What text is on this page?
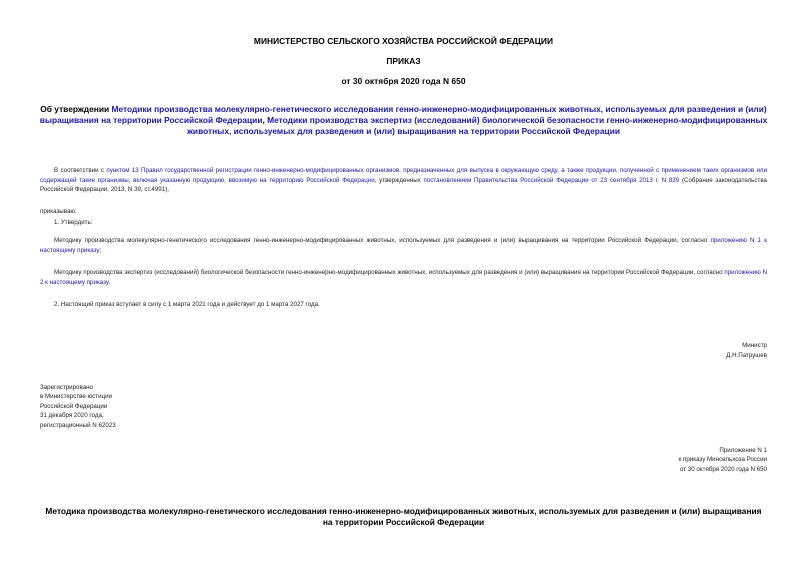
МИНИСТЕРСТВО СЕЛЬСКОГО ХОЗЯЙСТВА РОССИЙСКОЙ ФЕДЕРАЦИИ
ПРИКАЗ
от 30 октября 2020 года N 650
Об утверждении Методики производства молекулярно-генетического исследования генно-инженерно-модифицированных животных, используемых для разведения и (или) выращивания на территории Российской Федерации, Методики производства экспертиз (исследований) биологической безопасности генно-инженерно-модифицированных животных, используемых для разведения и (или) выращивания на территории Российской Федерации
В соответствии с пунктом 13 Правил государственной регистрации генно-инженерно-модифицированных организмов, предназначенных для выпуска в окружающую среду, а также продукции, полученной с применением таких организмов или содержащей такие организмы, включая указанную продукцию, ввозимую на территорию Российской Федерации, утвержденных постановлением Правительства Российской Федерации от 23 сентября 2013 г. N 839 (Собрание законодательства Российской Федерации, 2013, N 39, ст.4991),
приказываю:
1. Утвердить:
Методику производства молекулярно-генетического исследования генно-инженерно-модифицированных животных, используемых для разведения и (или) выращивания на территории Российской Федерации, согласно приложению N 1 к настоящему приказу;
Методику производства экспертиз (исследований) биологической безопасности генно-инженерно-модифицированных животных, используемых для разведения и (или) выращивания на территории Российской Федерации, согласно приложению N 2 к настоящему приказу.
2. Настоящий приказ вступает в силу с 1 марта 2021 года и действует до 1 марта 2027 года.
Министр
Д.Н.Патрушев
Зарегистрировано
в Министерстве юстиции
Российской Федерации
31 декабря 2020 года,
регистрационный N 62023
Приложение N 1
к приказу Минсельхоза России
от 30 октября 2020 года N 650
Методика производства молекулярно-генетического исследования генно-инженерно-модифицированных животных, используемых для разведения и (или) выращивания на территории Российской Федерации
